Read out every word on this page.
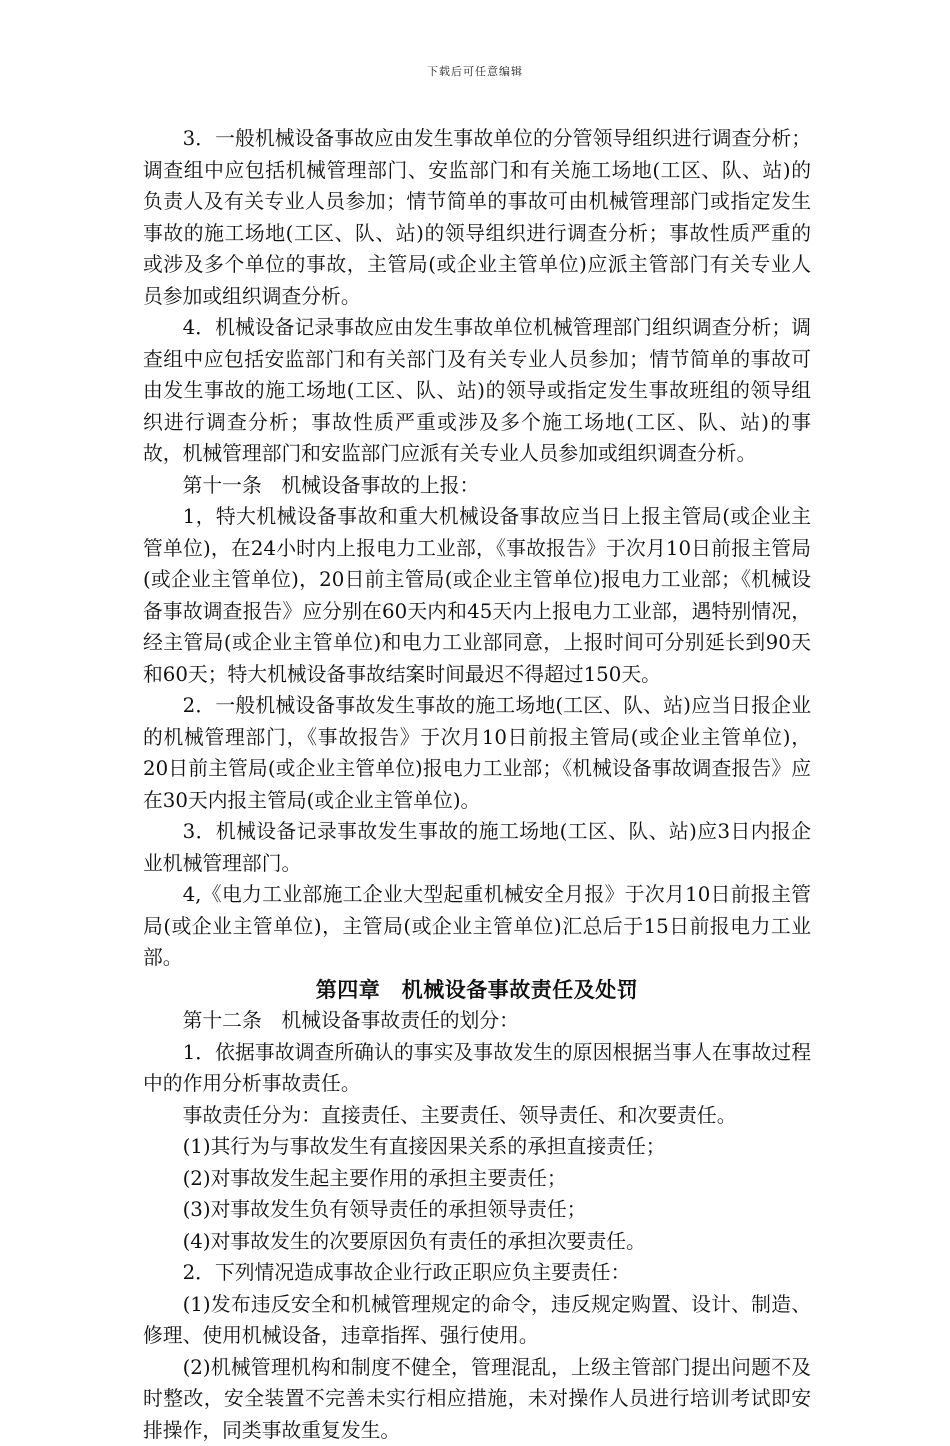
下载后可任意编辑

3．一般机械设备事故应由发生事故单位的分管领导组织进行调查分析；调查组中应包括机械管理部门、安监部门和有关施工场地(工区、队、站)的负责人及有关专业人员参加；情节简单的事故可由机械管理部门或指定发生事故的施工场地(工区、队、站)的领导组织进行调查分析；事故性质严重的或涉及多个单位的事故，主管局(或企业主管单位)应派主管部门有关专业人员参加或组织调查分析。

4．机械设备记录事故应由发生事故单位机械管理部门组织调查分析；调查组中应包括安监部门和有关部门及有关专业人员参加；情节简单的事故可由发生事故的施工场地(工区、队、站)的领导或指定发生事故班组的领导组织进行调查分析；事故性质严重或涉及多个施工场地(工区、队、站)的事故，机械管理部门和安监部门应派有关专业人员参加或组织调查分析。

第十一条　机械设备事故的上报：

1，特大机械设备事故和重大机械设备事故应当日上报主管局(或企业主管单位)，在24小时内上报电力工业部，《事故报告》于次月10日前报主管局(或企业主管单位)，20日前主管局(或企业主管单位)报电力工业部；《机械设备事故调查报告》应分别在60天内和45天内上报电力工业部，遇特别情况，经主管局(或企业主管单位)和电力工业部同意，上报时间可分别延长到90天和60天；特大机械设备事故结案时间最迟不得超过150天。

2．一般机械设备事故发生事故的施工场地(工区、队、站)应当日报企业的机械管理部门，《事故报告》于次月10日前报主管局(或企业主管单位)，20日前主管局(或企业主管单位)报电力工业部；《机械设备事故调查报告》应在30天内报主管局(或企业主管单位)。

3．机械设备记录事故发生事故的施工场地(工区、队、站)应3日内报企业机械管理部门。

4,《电力工业部施工企业大型起重机械安全月报》于次月10日前报主管局(或企业主管单位)，主管局(或企业主管单位)汇总后于15日前报电力工业部。

第四章　机械设备事故责任及处罚

第十二条　机械设备事故责任的划分：

1．依据事故调查所确认的事实及事故发生的原因根据当事人在事故过程中的作用分析事故责任。

事故责任分为：直接责任、主要责任、领导责任、和次要责任。

(1)其行为与事故发生有直接因果关系的承担直接责任；

(2)对事故发生起主要作用的承担主要责任；

(3)对事故发生负有领导责任的承担领导责任；

(4)对事故发生的次要原因负有责任的承担次要责任。

2．下列情况造成事故企业行政正职应负主要责任：

(1)发布违反安全和机械管理规定的命令，违反规定购置、设计、制造、修理、使用机械设备，违章指挥、强行使用。

(2)机械管理机构和制度不健全，管理混乱，上级主管部门提出问题不及时整改，安全装置不完善未实行相应措施，未对操作人员进行培训考试即安排操作，同类事故重复发生。
